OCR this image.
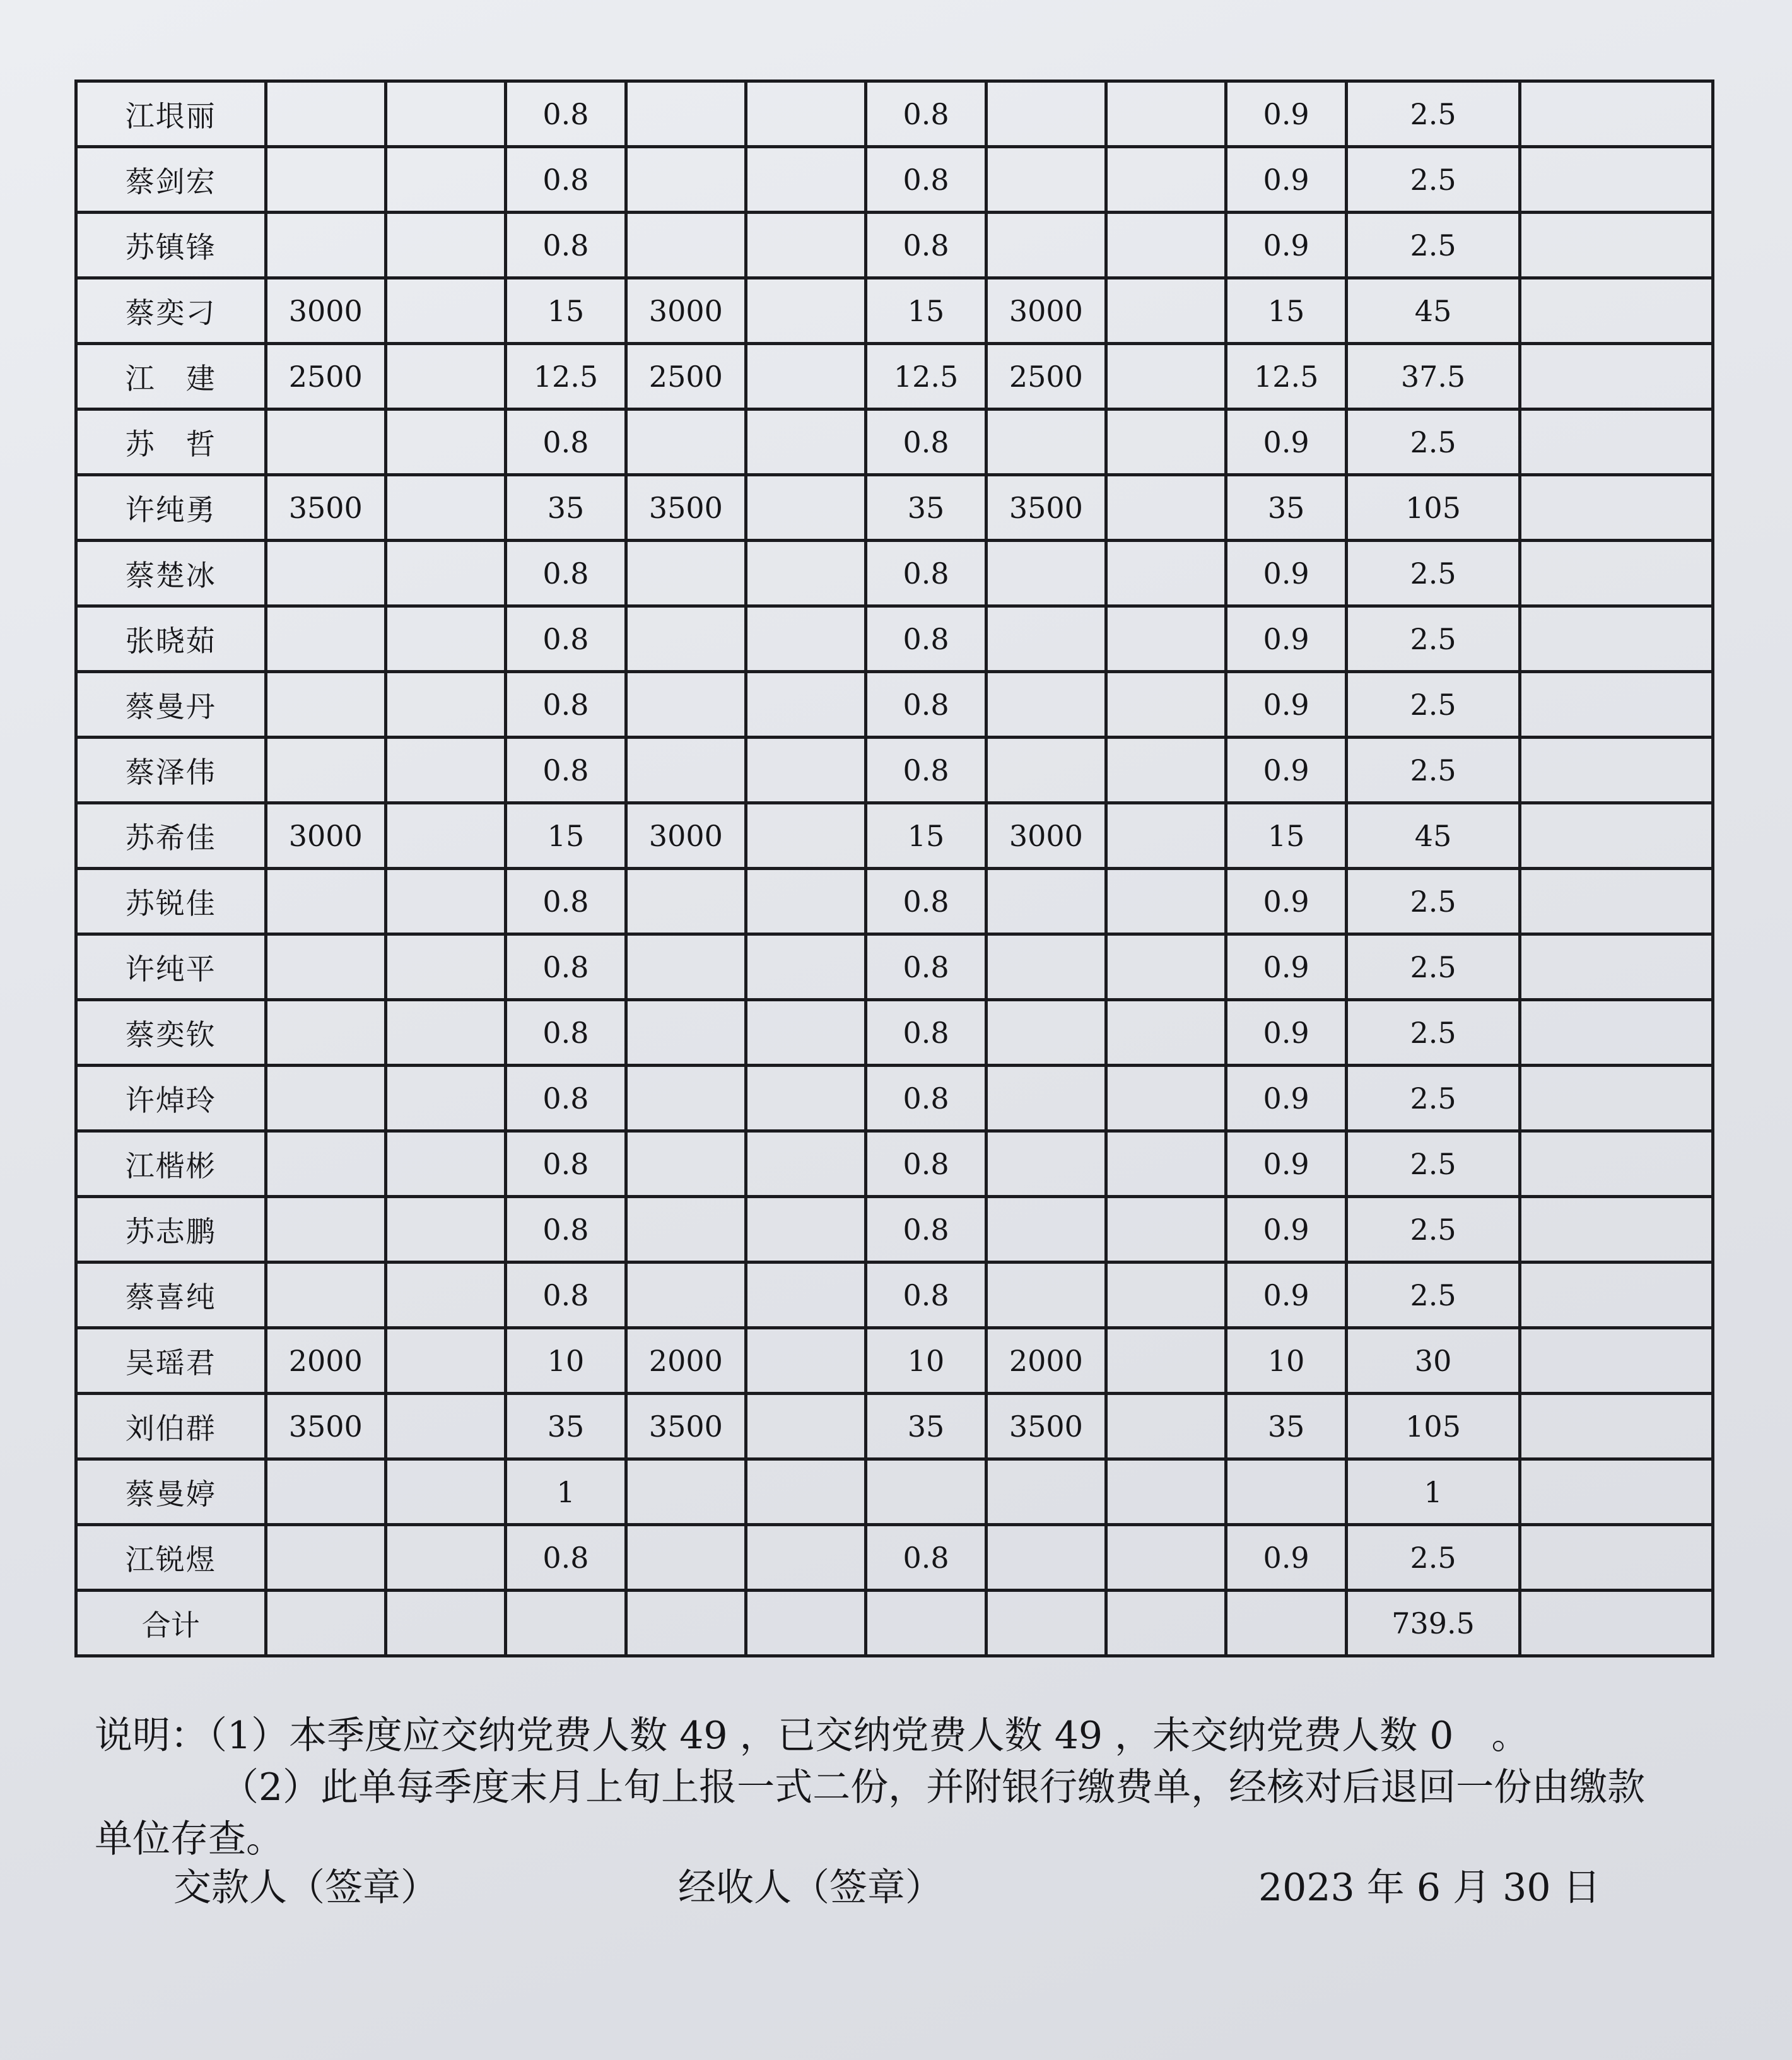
江垠丽			0.8			0.8			0.9	2.5	
蔡剑宏			0.8			0.8			0.9	2.5	
苏镇锋			0.8			0.8			0.9	2.5	
蔡奕刁	3000		15	3000		15	3000		15	45	
江　建	2500		12.5	2500		12.5	2500		12.5	37.5	
苏　哲			0.8			0.8			0.9	2.5	
许纯勇	3500		35	3500		35	3500		35	105	
蔡楚冰			0.8			0.8			0.9	2.5	
张晓茹			0.8			0.8			0.9	2.5	
蔡曼丹			0.8			0.8			0.9	2.5	
蔡泽伟			0.8			0.8			0.9	2.5	
苏希佳	3000		15	3000		15	3000		15	45	
苏锐佳			0.8			0.8			0.9	2.5	
许纯平			0.8			0.8			0.9	2.5	
蔡奕钦			0.8			0.8			0.9	2.5	
许焯玲			0.8			0.8			0.9	2.5	
江楷彬			0.8			0.8			0.9	2.5	
苏志鹏			0.8			0.8			0.9	2.5	
蔡喜纯			0.8			0.8			0.9	2.5	
吴瑶君	2000		10	2000		10	2000		10	30	
刘伯群	3500		35	3500		35	3500		35	105	
蔡曼婷			1							1	
江锐煜			0.8			0.8			0.9	2.5	
合计										739.5	
说明：（1）本季度应交纳党费人数 49 ，已交纳党费人数 49 ，未交纳党费人数 0　。
（2）此单每季度末月上旬上报一式二份，并附银行缴费单，经核对后退回一份由缴款
单位存查。
交款人（签章）	经收人（签章）	2023 年 6 月 30 日
